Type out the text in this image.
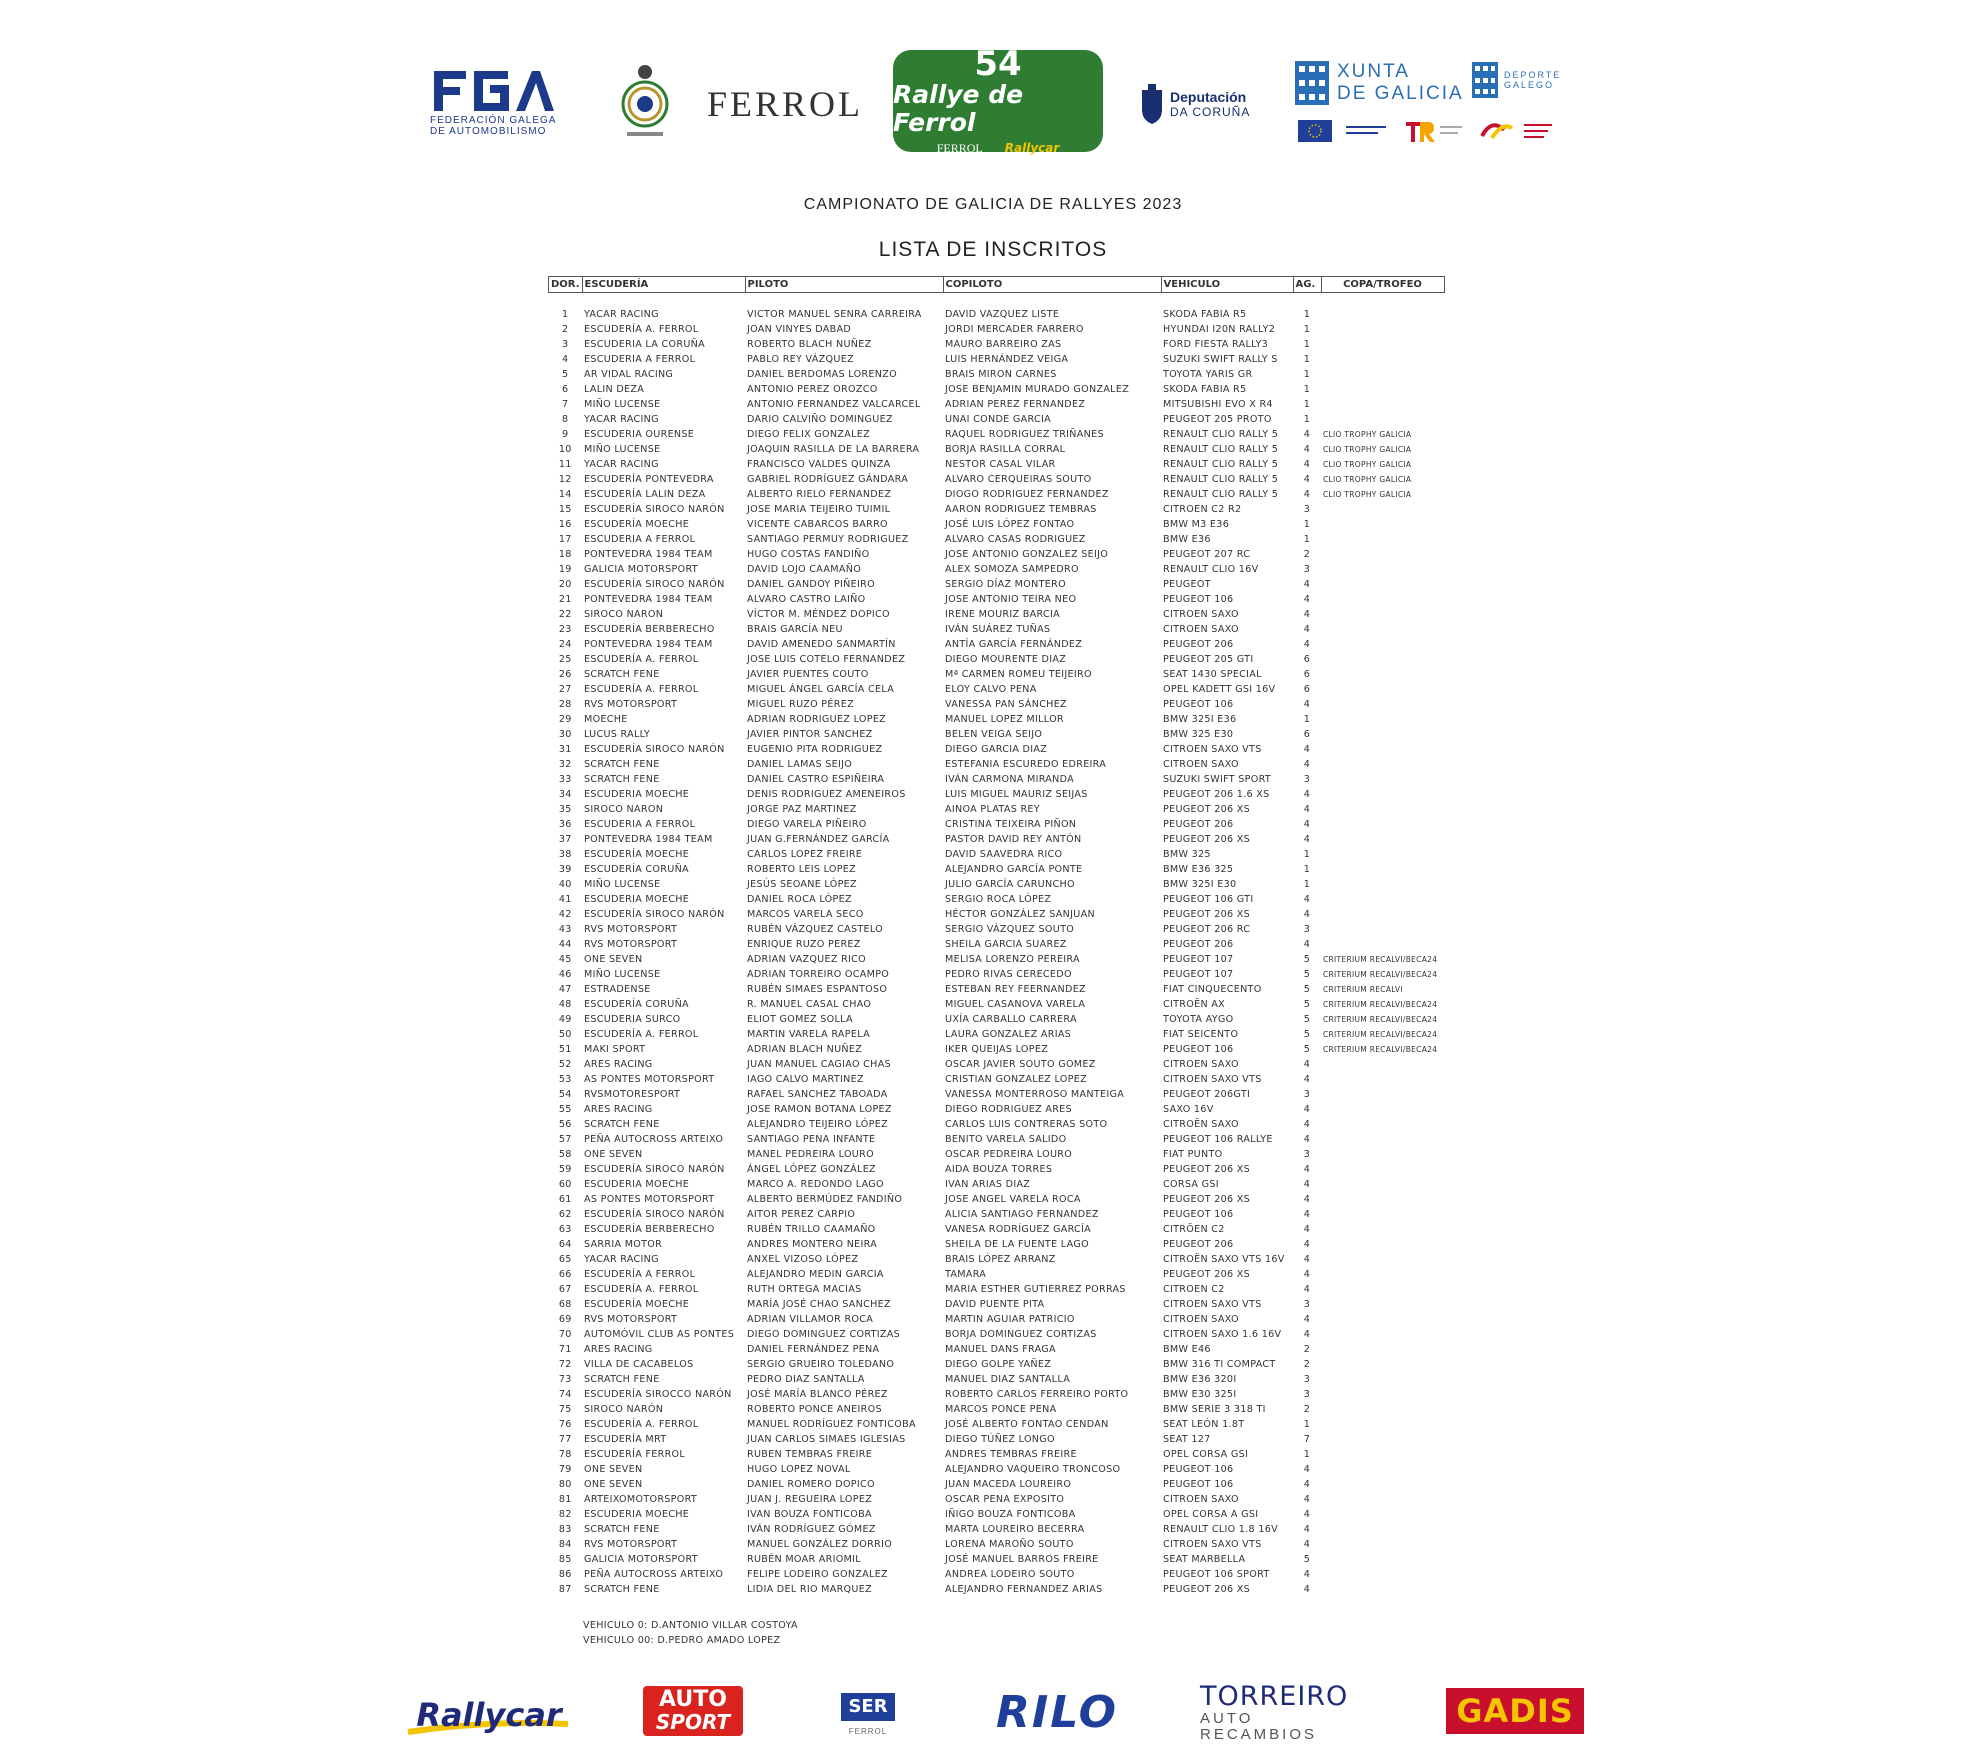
FEDERACIÓN GALEGA
DE AUTOMOBILISMO
FERROL
54
Rallye de Ferrol
FERROL Rallycar
Deputación
DA CORUÑA
XUNTA
DE GALICIA
DEPORTE
GALEGO
CAMPIONATO DE GALICIA DE RALLYES 2023
LISTA DE INSCRITOS
DOR.	ESCUDERÍA	PILOTO	COPILOTO	VEHICULO	AG.	COPA/TROFEO

1	YACAR RACING	VICTOR MANUEL SENRA CARREIRA	DAVID VAZQUEZ LISTE	SKODA FABIA R5	1	
2	ESCUDERÍA A. FERROL	JOAN VINYES DABAD	JORDI MERCADER FARRERO	HYUNDAI I20N RALLY2	1	
3	ESCUDERIA LA CORUÑA	ROBERTO BLACH NUÑEZ	MAURO BARREIRO ZAS	FORD FIESTA RALLY3	1	
4	ESCUDERIA A FERROL	PABLO REY VÁZQUEZ	LUIS HERNÁNDEZ VEIGA	SUZUKI SWIFT RALLY S	1	
5	AR VIDAL RACING	DANIEL BERDOMAS LORENZO	BRAIS MIRON CARNES	TOYOTA YARIS GR	1	
6	LALIN DEZA	ANTONIO PEREZ OROZCO	JOSE BENJAMIN MURADO GONZALEZ	SKODA FABIA R5	1	
7	MIÑO LUCENSE	ANTONIO FERNANDEZ VALCARCEL	ADRIAN PEREZ FERNANDEZ	MITSUBISHI EVO X R4	1	
8	YACAR RACING	DARIO CALVIÑO DOMINGUEZ	UNAI CONDE GARCIA	PEUGEOT 205 PROTO	1	
9	ESCUDERIA OURENSE	DIEGO FELIX GONZALEZ	RAQUEL RODRIGUEZ TRIÑANES	RENAULT CLIO RALLY 5	4	CLIO TROPHY GALICIA
10	MIÑO LUCENSE	JOAQUIN RASILLA DE LA BARRERA	BORJA RASILLA CORRAL	RENAULT CLIO RALLY 5	4	CLIO TROPHY GALICIA
11	YACAR RACING	FRANCISCO VALDES QUINZA	NESTOR CASAL VILAR	RENAULT CLIO RALLY 5	4	CLIO TROPHY GALICIA
12	ESCUDERÍA PONTEVEDRA	GABRIEL RODRÍGUEZ GÁNDARA	ALVARO CERQUEIRAS SOUTO	RENAULT CLIO RALLY 5	4	CLIO TROPHY GALICIA
14	ESCUDERÍA LALIN DEZA	ALBERTO RIELO FERNANDEZ	DIOGO RODRIGUEZ FERNANDEZ	RENAULT CLIO RALLY 5	4	CLIO TROPHY GALICIA
15	ESCUDERÍA SIROCO NARÓN	JOSE MARIA TEIJEIRO TUIMIL	AARON RODRIGUEZ TEMBRAS	CITROEN C2 R2	3	
16	ESCUDERÍA MOECHE	VICENTE CABARCOS BARRO	JOSÉ LUIS LÓPEZ FONTAO	BMW M3 E36	1	
17	ESCUDERIA A FERROL	SANTIAGO PERMUY RODRIGUEZ	ALVARO CASAS RODRIGUEZ	BMW E36	1	
18	PONTEVEDRA 1984 TEAM	HUGO COSTAS FANDIÑO	JOSE ANTONIO GONZALEZ SEIJO	PEUGEOT 207 RC	2	
19	GALICIA MOTORSPORT	DAVID LOJO CAAMAÑO	ALEX SOMOZA SAMPEDRO	RENAULT CLIO 16V	3	
20	ESCUDERÍA SIROCO NARÓN	DANIEL GANDOY PIÑEIRO	SERGIO DÍAZ MONTERO	PEUGEOT	4	
21	PONTEVEDRA 1984 TEAM	ALVARO CASTRO LAIÑO	JOSE ANTONIO TEIRA NEO	PEUGEOT 106	4	
22	SIROCO NARON	VÍCTOR M. MÉNDEZ DOPICO	IRENE MOURIZ BARCIA	CITROEN SAXO	4	
23	ESCUDERÍA BERBERECHO	BRAIS GARCÍA NEU	IVÁN SUÁREZ TUÑAS	CITROEN SAXO	4	
24	PONTEVEDRA 1984 TEAM	DAVID AMENEDO SANMARTÍN	ANTÍA GARCÍA FERNÁNDEZ	PEUGEOT 206	4	
25	ESCUDERÍA A. FERROL	JOSE LUIS COTELO FERNANDEZ	DIEGO MOURENTE DIAZ	PEUGEOT 205 GTI	6	
26	SCRATCH FENE	JAVIER PUENTES COUTO	Mª CARMEN ROMEU TEIJEIRO	SEAT 1430 SPECIAL	6	
27	ESCUDERÍA A. FERROL	MIGUEL ÁNGEL GARCÍA CELA	ELOY CALVO PENA	OPEL KADETT GSI 16V	6	
28	RVS MOTORSPORT	MIGUEL RUZO PÉREZ	VANESSA PAN SÁNCHEZ	PEUGEOT 106	4	
29	MOECHE	ADRIAN RODRIGUEZ LOPEZ	MANUEL LOPEZ MILLOR	BMW 325I E36	1	
30	LUCUS RALLY	JAVIER PINTOR SANCHEZ	BELEN VEIGA SEIJO	BMW 325 E30	6	
31	ESCUDERÍA SIROCO NARÓN	EUGENIO PITA RODRIGUEZ	DIEGO GARCIA DIAZ	CITROEN SAXO VTS	4	
32	SCRATCH FENE	DANIEL LAMAS SEIJO	ESTEFANIA ESCUREDO EDREIRA	CITROEN SAXO	4	
33	SCRATCH FENE	DANIEL CASTRO ESPIÑEIRA	IVÁN CARMONA MIRANDA	SUZUKI SWIFT SPORT	3	
34	ESCUDERIA MOECHE	DENIS RODRIGUEZ AMENEIROS	LUIS MIGUEL MAURIZ SEIJAS	PEUGEOT 206 1.6 XS	4	
35	SIROCO NARON	JORGE PAZ MARTINEZ	AINOA PLATAS REY	PEUGEOT 206 XS	4	
36	ESCUDERIA A FERROL	DIEGO VARELA PIÑEIRO	CRISTINA TEIXEIRA PIÑON	PEUGEOT 206	4	
37	PONTEVEDRA 1984 TEAM	JUAN G.FERNÁNDEZ GARCÍA	PASTOR DAVID REY ANTÓN	PEUGEOT 206 XS	4	
38	ESCUDERÍA MOECHE	CARLOS LOPEZ FREIRE	DAVID SAAVEDRA RICO	BMW 325	1	
39	ESCUDERÍA CORUÑA	ROBERTO LEIS LOPEZ	ALEJANDRO GARCÍA PONTE	BMW E36 325	1	
40	MIÑO LUCENSE	JESÚS SEOANE LÓPEZ	JULIO GARCÍA CARUNCHO	BMW 325I E30	1	
41	ESCUDERIA MOECHE	DANIEL ROCA LÓPEZ	SERGIO ROCA LÓPEZ	PEUGEOT 106 GTI	4	
42	ESCUDERÍA SIROCO NARÓN	MARCOS VARELA SECO	HÉCTOR GONZÁLEZ SANJUAN	PEUGEOT 206 XS	4	
43	RVS MOTORSPORT	RUBÉN VÁZQUEZ CASTELO	SERGIO VÁZQUEZ SOUTO	PEUGEOT 206 RC	3	
44	RVS MOTORSPORT	ENRIQUE RUZO PEREZ	SHEILA GARCIA SUAREZ	PEUGEOT 206	4	
45	ONE SEVEN	ADRIAN VAZQUEZ RICO	MELISA LORENZO PEREIRA	PEUGEOT 107	5	CRITERIUM RECALVI/BECA24
46	MIÑO LUCENSE	ADRIAN TORREIRO OCAMPO	PEDRO RIVAS CERECEDO	PEUGEOT 107	5	CRITERIUM RECALVI/BECA24
47	ESTRADENSE	RUBÉN SIMAES ESPANTOSO	ESTEBAN REY FEERNANDEZ	FIAT CINQUECENTO	5	CRITERIUM RECALVI
48	ESCUDERÍA CORUÑA	R. MANUEL CASAL CHAO	MIGUEL CASANOVA VARELA	CITROËN AX	5	CRITERIUM RECALVI/BECA24
49	ESCUDERIA SURCO	ELIOT GOMEZ SOLLA	UXÍA CARBALLO CARRERA	TOYOTA AYGO	5	CRITERIUM RECALVI/BECA24
50	ESCUDERÍA A. FERROL	MARTIN VARELA RAPELA	LAURA GONZALEZ ARIAS	FIAT SEICENTO	5	CRITERIUM RECALVI/BECA24
51	MAKI SPORT	ADRIAN BLACH NUÑEZ	IKER QUEIJAS LOPEZ	PEUGEOT 106	5	CRITERIUM RECALVI/BECA24
52	ARES RACING	JUAN MANUEL CAGIAO CHAS	OSCAR JAVIER SOUTO GOMEZ	CITROEN SAXO	4	
53	AS PONTES MOTORSPORT	IAGO CALVO MARTINEZ	CRISTIAN GONZALEZ LOPEZ	CITROEN SAXO VTS	4	
54	RVSMOTORESPORT	RAFAEL SANCHEZ TABOADA	VANESSA MONTERROSO MANTEIGA	PEUGEOT 206GTI	3	
55	ARES RACING	JOSE RAMON BOTANA LOPEZ	DIEGO RODRIGUEZ ARES	SAXO 16V	4	
56	SCRATCH FENE	ALEJANDRO TEIJEIRO LÓPEZ	CARLOS LUIS CONTRERAS SOTO	CITROËN SAXO	4	
57	PEÑA AUTOCROSS ARTEIXO	SANTIAGO PENA INFANTE	BENITO VARELA SALIDO	PEUGEOT 106 RALLYE	4	
58	ONE SEVEN	MANEL PEDREIRA LOURO	OSCAR PEDREIRA LOURO	FIAT PUNTO	3	
59	ESCUDERÍA SIROCO NARÓN	ÁNGEL LÓPEZ GONZÁLEZ	AIDA BOUZA TORRES	PEUGEOT 206 XS	4	
60	ESCUDERIA MOECHE	MARCO A. REDONDO LAGO	IVAN ARIAS DIAZ	CORSA GSI	4	
61	AS PONTES MOTORSPORT	ALBERTO BERMÚDEZ FANDIÑO	JOSE ANGEL VARELA ROCA	PEUGEOT 206 XS	4	
62	ESCUDERÍA SIROCO NARÓN	AITOR PEREZ CARPIO	ALICIA SANTIAGO FERNANDEZ	PEUGEOT 106	4	
63	ESCUDERÍA BERBERECHO	RUBÉN TRILLO CAAMAÑO	VANESA RODRÍGUEZ GARCÍA	CITRÖEN C2	4	
64	SARRIA MOTOR	ANDRES MONTERO NEIRA	SHEILA DE LA FUENTE LAGO	PEUGEOT 206	4	
65	YACAR RACING	ANXEL VIZOSO LÓPEZ	BRAIS LÓPEZ ARRANZ	CITROËN SAXO VTS 16V	4	
66	ESCUDERÍA A FERROL	ALEJANDRO MEDIN GARCIA	TAMARA	PEUGEOT 206 XS	4	
67	ESCUDERÍA A. FERROL	RUTH ORTEGA MACIAS	MARIA ESTHER GUTIERREZ PORRAS	CITROEN C2	4	
68	ESCUDERÍA MOECHE	MARÍA JOSÉ CHAO SANCHEZ	DAVID PUENTE PITA	CITROEN SAXO VTS	3	
69	RVS MOTORSPORT	ADRIAN VILLAMOR ROCA	MARTIN AGUIAR PATRICIO	CITROEN SAXO	4	
70	AUTOMÓVIL CLUB AS PONTES	DIEGO DOMINGUEZ CORTIZAS	BORJA DOMINGUEZ CORTIZAS	CITROEN SAXO 1.6 16V	4	
71	ARES RACING	DANIEL FERNÁNDEZ PENA	MANUEL DANS FRAGA	BMW E46	2	
72	VILLA DE CACABELOS	SERGIO GRUEIRO TOLEDANO	DIEGO GOLPE YAÑEZ	BMW 316 TI COMPACT	2	
73	SCRATCH FENE	PEDRO DIAZ SANTALLA	MANUEL DIAZ SANTALLA	BMW E36 320I	3	
74	ESCUDERÍA SIROCCO NARÓN	JOSÉ MARÍA BLANCO PÉREZ	ROBERTO CARLOS FERREIRO PORTO	BMW E30 325I	3	
75	SIROCO NARÓN	ROBERTO PONCE ANEIROS	MARCOS PONCE PENA	BMW SERIE 3 318 TI	2	
76	ESCUDERÍA A. FERROL	MANUEL RODRÍGUEZ FONTICOBA	JOSÉ ALBERTO FONTAO CENDAN	SEAT LEÓN 1.8T	1	
77	ESCUDERÍA MRT	JUAN CARLOS SIMAES IGLESIAS	DIEGO TÚÑEZ LONGO	SEAT 127	7	
78	ESCUDERÍA FERROL	RUBEN TEMBRAS FREIRE	ANDRES TEMBRAS FREIRE	OPEL CORSA GSI	1	
79	ONE SEVEN	HUGO LOPEZ NOVAL	ALEJANDRO VAQUEIRO TRONCOSO	PEUGEOT 106	4	
80	ONE SEVEN	DANIEL ROMERO DOPICO	JUAN MACEDA LOUREIRO	PEUGEOT 106	4	
81	ARTEIXOMOTORSPORT	JUAN J. REGUEIRA LOPEZ	OSCAR PENA EXPOSITO	CITROEN SAXO	4	
82	ESCUDERIA MOECHE	IVAN BOUZA FONTICOBA	IÑIGO BOUZA FONTICOBA	OPEL CORSA A GSI	4	
83	SCRATCH FENE	IVÁN RODRÍGUEZ GÓMEZ	MARTA LOUREIRO BECERRA	RENAULT CLIO 1.8 16V	4	
84	RVS MOTORSPORT	MANUEL GONZÁLEZ DORRIO	LORENA MAROÑO SOUTO	CITROEN SAXO VTS	4	
85	GALICIA MOTORSPORT	RUBÉN MOAR ARIOMIL	JOSÉ MANUEL BARROS FREIRE	SEAT MARBELLA	5	
86	PEÑA AUTOCROSS ARTEIXO	FELIPE LODEIRO GONZALEZ	ANDREA LODEIRO SOUTO	PEUGEOT 106 SPORT	4	
87	SCRATCH FENE	LIDIA DEL RIO MARQUEZ	ALEJANDRO FERNANDEZ ARIAS	PEUGEOT 206 XS	4	
VEHICULO 0: D.ANTONIO VILLAR COSTOYA
VEHICULO 00: D.PEDRO AMADO LOPEZ
Rallycar	AUTO
SPORT
SER
FERROL RILO	TORREIRO
AUTO
RECAMBIOS
GADIS
